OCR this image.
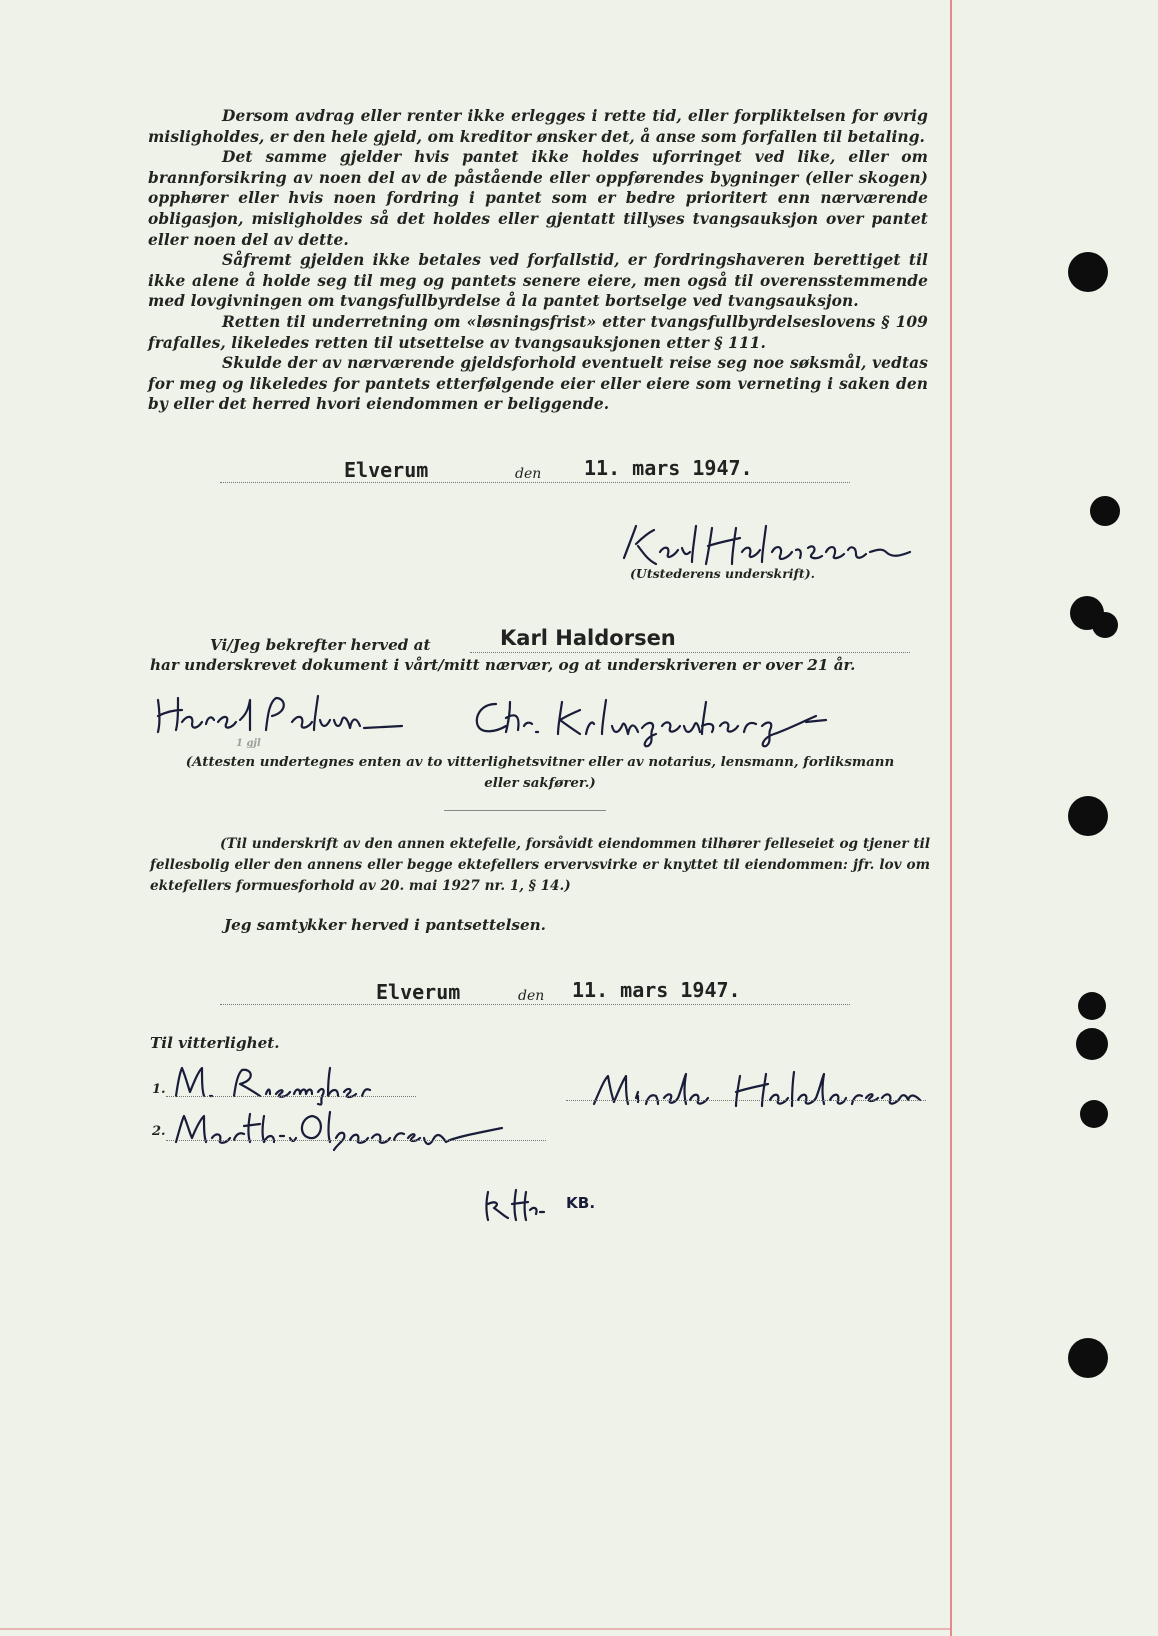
Dersom avdrag eller renter ikke erlegges i rette tid, eller forpliktelsen for øvrig misligholdes, er den hele gjeld, om kreditor ønsker det, å anse som forfallen til betaling.

Det samme gjelder hvis pantet ikke holdes uforringet ved like, eller om brannforsikring av noen del av de påstående eller oppførendes bygninger (eller skogen) opphører eller hvis noen fordring i pantet som er bedre prioritert enn nærværende obligasjon, misligholdes så det holdes eller gjentatt tillyses tvangsauksjon over pantet eller noen del av dette.

Såfremt gjelden ikke betales ved forfallstid, er fordringshaveren berettiget til ikke alene å holde seg til meg og pantets senere eiere, men også til overensstemmende med lovgivningen om tvangsfullbyrdelse å la pantet bortselge ved tvangsauksjon.

Retten til underretning om «løsningsfrist» etter tvangsfullbyrdelseslovens § 109 frafalles, likeledes retten til utsettelse av tvangsauksjonen etter § 111.

Skulde der av nærværende gjeldsforhold eventuelt reise seg noe søksmål, vedtas for meg og likeledes for pantets etterfølgende eier eller eiere som verneting i saken den by eller det herred hvori eiendommen er beliggende.

Elverum	den 11. mars 1947.
(Utstederens underskrift).
Vi/Jeg bekrefter herved at	Karl Haldorsen
har underskrevet dokument i vårt/mitt nærvær, og at underskriveren er over 21 år.
1 gjl
(Attesten undertegnes enten av to vitterlighetsvitner eller av notarius, lensmann, forliksmann
eller sakfører.)

(Til underskrift av den annen ektefelle, forsåvidt eiendommen tilhører felleseiet og tjener til fellesbolig eller den annens eller begge ektefellers ervervsvirke er knyttet til eiendommen: jfr. lov om ektefellers formuesforhold av 20. mai 1927 nr. 1, § 14.)

Jeg samtykker herved i pantsettelsen.
Elverum	den 11. mars 1947.
Til vitterlighet.
1.
2.
KB.
